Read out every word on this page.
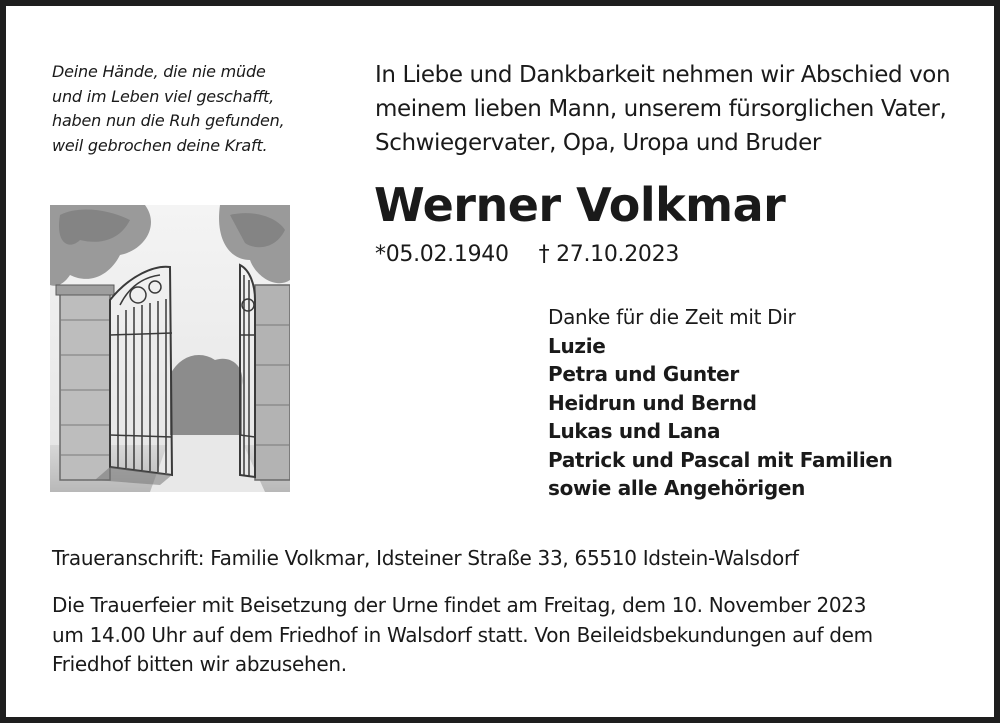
Deine Hände, die nie müde
und im Leben viel geschafft,
haben nun die Ruh gefunden,
weil gebrochen deine Kraft.
In Liebe und Dankbarkeit nehmen wir Abschied von
meinem lieben Mann, unserem fürsorglichen Vater,
Schwiegervater, Opa, Uropa und Bruder
Werner Volkmar
*05.02.1940 † 27.10.2023
Danke für die Zeit mit Dir
Luzie
Petra und Gunter
Heidrun und Bernd
Lukas und Lana
Patrick und Pascal mit Familien
sowie alle Angehörigen
Traueranschrift: Familie Volkmar, Idsteiner Straße 33, 65510 Idstein-Walsdorf
Die Trauerfeier mit Beisetzung der Urne findet am Freitag, dem 10. November 2023
um 14.00 Uhr auf dem Friedhof in Walsdorf statt. Von Beileidsbekundungen auf dem
Friedhof bitten wir abzusehen.
